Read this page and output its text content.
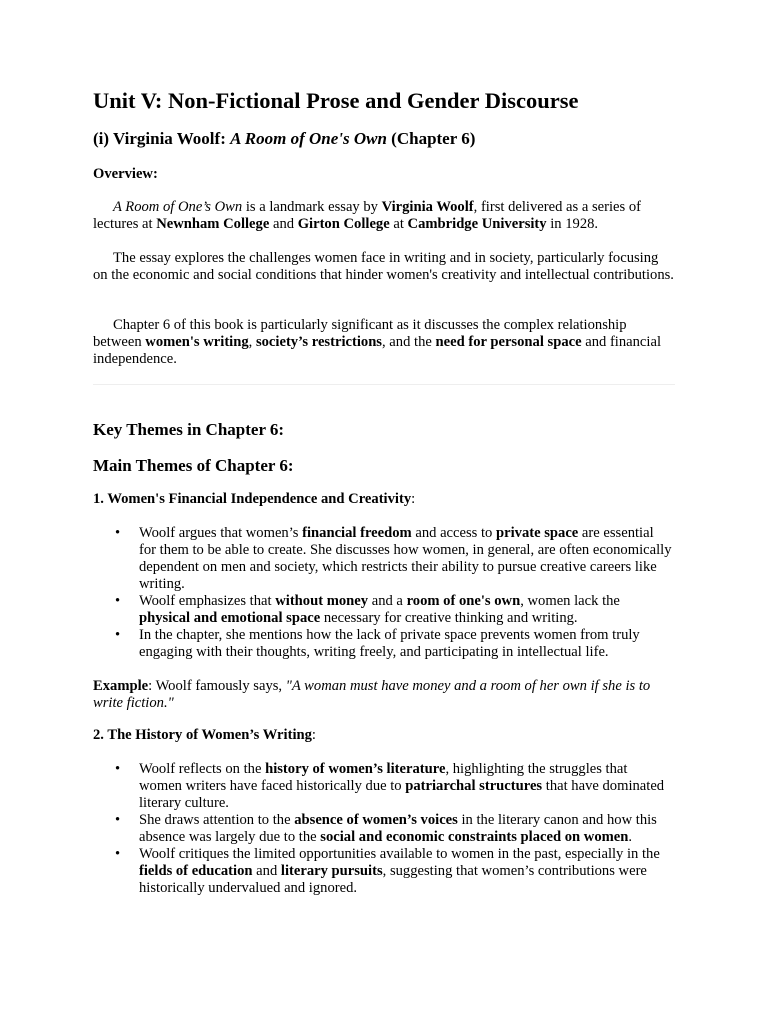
Unit V: Non-Fictional Prose and Gender Discourse
(i) Virginia Woolf: A Room of One's Own (Chapter 6)
Overview:

A Room of One’s Own is a landmark essay by Virginia Woolf, first delivered as a series of lectures at Newnham College and Girton College at Cambridge University in 1928.

The essay explores the challenges women face in writing and in society, particularly focusing on the economic and social conditions that hinder women's creativity and intellectual contributions.

Chapter 6 of this book is particularly significant as it discusses the complex relationship between women's writing, society’s restrictions, and the need for personal space and financial independence.

Key Themes in Chapter 6:
Main Themes of Chapter 6:
1. Women's Financial Independence and Creativity:
• Woolf argues that women’s financial freedom and access to private space are essential for them to be able to create. She discusses how women, in general, are often economically dependent on men and society, which restricts their ability to pursue creative careers like writing.
• Woolf emphasizes that without money and a room of one's own, women lack the physical and emotional space necessary for creative thinking and writing.
• In the chapter, she mentions how the lack of private space prevents women from truly engaging with their thoughts, writing freely, and participating in intellectual life.

Example: Woolf famously says, "A woman must have money and a room of her own if she is to write fiction."

2. The History of Women’s Writing:
• Woolf reflects on the history of women’s literature, highlighting the struggles that women writers have faced historically due to patriarchal structures that have dominated literary culture.
• She draws attention to the absence of women’s voices in the literary canon and how this absence was largely due to the social and economic constraints placed on women.
• Woolf critiques the limited opportunities available to women in the past, especially in the fields of education and literary pursuits, suggesting that women’s contributions were historically undervalued and ignored.
